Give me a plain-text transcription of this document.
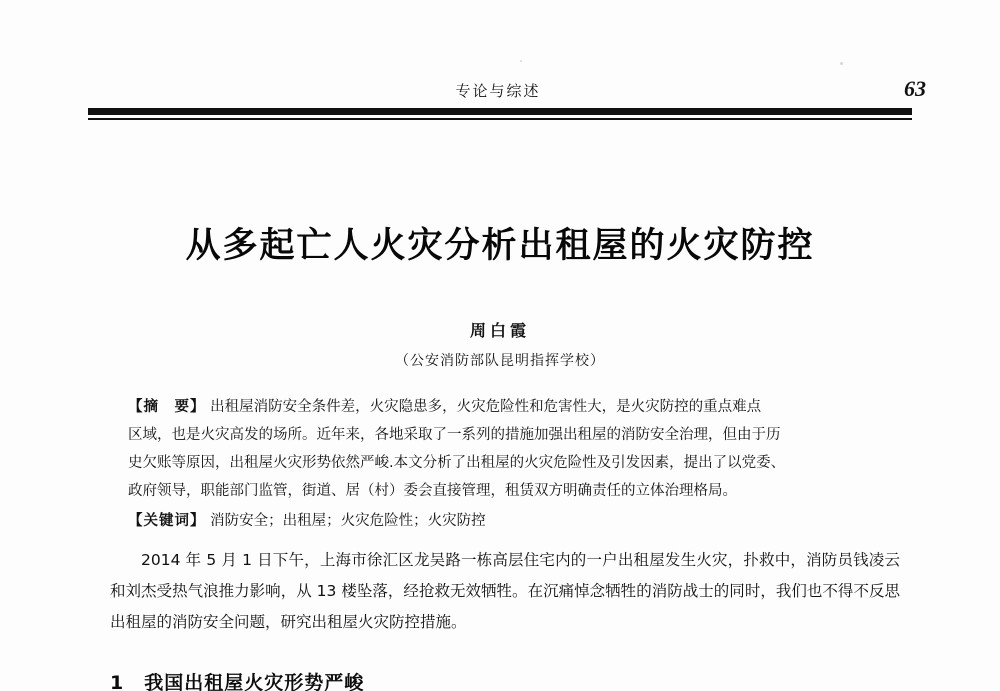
专论与综述	63
从多起亡人火灾分析出租屋的火灾防控
周白霞
（公安消防部队昆明指挥学校）
【摘　要】 出租屋消防安全条件差，火灾隐患多，火灾危险性和危害性大，是火灾防控的重点难点
区域，也是火灾高发的场所。近年来，各地采取了一系列的措施加强出租屋的消防安全治理，但由于历
史欠账等原因，出租屋火灾形势依然严峻.本文分析了出租屋的火灾危险性及引发因素，提出了以党委、
政府领导，职能部门监管，街道、居（村）委会直接管理，租赁双方明确责任的立体治理格局。
【关键词】 消防安全；出租屋；火灾危险性；火灾防控
2014 年 5 月 1 日下午，上海市徐汇区龙吴路一栋高层住宅内的一户出租屋发生火灾，扑救中，消防员钱凌云和刘杰受热气浪推力影响，从 13 楼坠落，经抢救无效牺牲。在沉痛悼念牺牲的消防战士的同时，我们也不得不反思出租屋的消防安全问题，研究出租屋火灾防控措施。
1　我国出租屋火灾形势严峻
